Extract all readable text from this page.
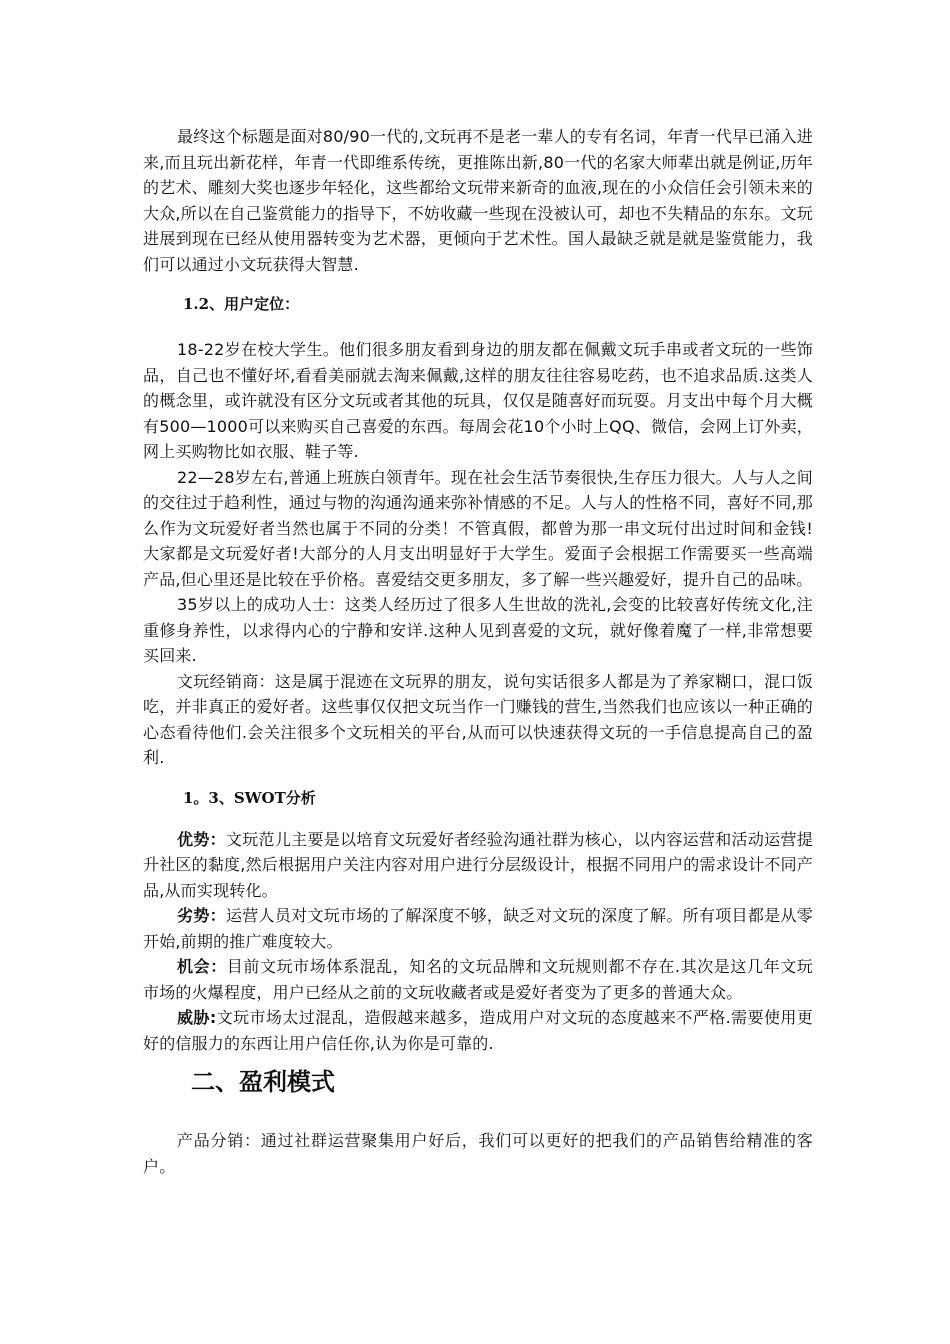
最终这个标题是面对80/90一代的,文玩再不是老一辈人的专有名词，年青一代早已涌入进来,而且玩出新花样，年青一代即维系传统，更推陈出新,80一代的名家大师辈出就是例证,历年的艺术、雕刻大奖也逐步年轻化，这些都给文玩带来新奇的血液,现在的小众信任会引领未来的大众,所以在自己鉴赏能力的指导下，不妨收藏一些现在没被认可，却也不失精品的东东。文玩进展到现在已经从使用器转变为艺术器，更倾向于艺术性。国人最缺乏就是就是鉴赏能力，我们可以通过小文玩获得大智慧.

1.2、用户定位：

18-22岁在校大学生。他们很多朋友看到身边的朋友都在佩戴文玩手串或者文玩的一些饰品，自己也不懂好坏,看看美丽就去淘来佩戴,这样的朋友往往容易吃药，也不追求品质.这类人的概念里，或许就没有区分文玩或者其他的玩具，仅仅是随喜好而玩耍。月支出中每个月大概有500—1000可以来购买自己喜爱的东西。每周会花10个小时上QQ、微信，会网上订外卖，网上买购物比如衣服、鞋子等.

22—28岁左右,普通上班族白领青年。现在社会生活节奏很快,生存压力很大。人与人之间的交往过于趋利性，通过与物的沟通沟通来弥补情感的不足。人与人的性格不同，喜好不同,那么作为文玩爱好者当然也属于不同的分类！不管真假，都曾为那一串文玩付出过时间和金钱!大家都是文玩爱好者!大部分的人月支出明显好于大学生。爱面子会根据工作需要买一些高端产品,但心里还是比较在乎价格。喜爱结交更多朋友，多了解一些兴趣爱好，提升自己的品味。

35岁以上的成功人士：这类人经历过了很多人生世故的洗礼,会变的比较喜好传统文化,注重修身养性，以求得内心的宁静和安详.这种人见到喜爱的文玩，就好像着魔了一样,非常想要买回来.

文玩经销商：这是属于混迹在文玩界的朋友，说句实话很多人都是为了养家糊口，混口饭吃，并非真正的爱好者。这些事仅仅把文玩当作一门赚钱的营生,当然我们也应该以一种正确的心态看待他们.会关注很多个文玩相关的平台,从而可以快速获得文玩的一手信息提高自己的盈利.

1。3、SWOT分析

优势：文玩范儿主要是以培育文玩爱好者经验沟通社群为核心，以内容运营和活动运营提升社区的黏度,然后根据用户关注内容对用户进行分层级设计，根据不同用户的需求设计不同产品,从而实现转化。

劣势：运营人员对文玩市场的了解深度不够，缺乏对文玩的深度了解。所有项目都是从零开始,前期的推广难度较大。

机会：目前文玩市场体系混乱，知名的文玩品牌和文玩规则都不存在.其次是这几年文玩市场的火爆程度，用户已经从之前的文玩收藏者或是爱好者变为了更多的普通大众。

威胁:文玩市场太过混乱，造假越来越多，造成用户对文玩的态度越来不严格.需要使用更好的信服力的东西让用户信任你,认为你是可靠的.

二、盈利模式

产品分销：通过社群运营聚集用户好后，我们可以更好的把我们的产品销售给精准的客户。
